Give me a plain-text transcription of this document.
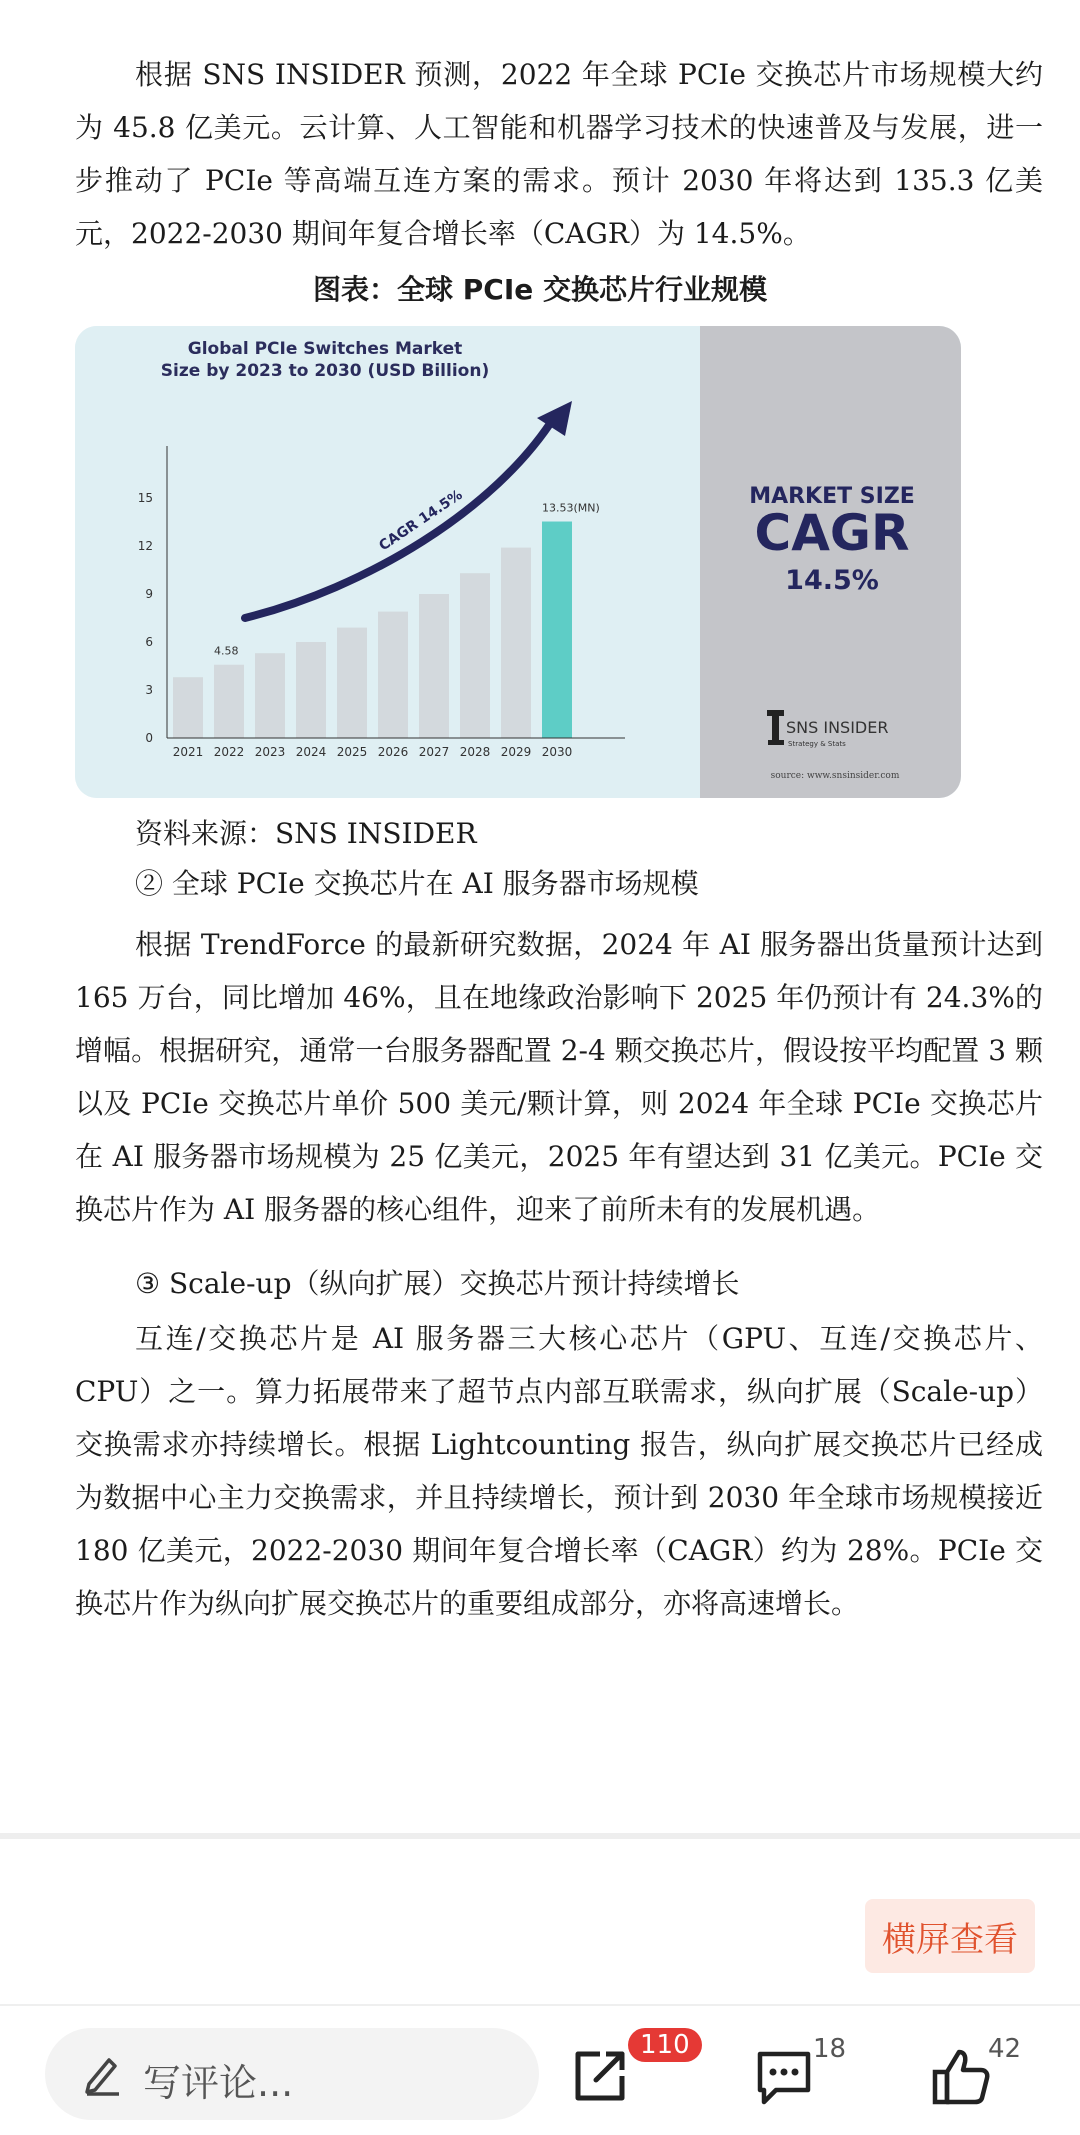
根据 SNS INSIDER 预测，2022 年全球 PCIe 交换芯片市场规模大约为 45.8 亿美元。云计算、人工智能和机器学习技术的快速普及与发展，进一步推动了 PCIe 等高端互连方案的需求。预计 2030 年将达到 135.3 亿美元，2022-2030 期间年复合增长率（CAGR）为 14.5%。

图表：全球 PCIe 交换芯片行业规模
Global PCIe Switches Market
Size by 2023 to 2030 (USD Billion)
0
3
6
9
12
15
2021 2022 2023 2024 2025 2026 2027 2028 2029 2030
4.58
13.53(MN)
CAGR 14.5%	MARKET SIZE
CAGR
14.5%
SNS INSIDER
Strategy & Stats
source: www.snsinsider.com
资料来源：SNS INSIDER
② 全球 PCIe 交换芯片在 AI 服务器市场规模

根据 TrendForce 的最新研究数据，2024 年 AI 服务器出货量预计达到 165 万台，同比增加 46%，且在地缘政治影响下 2025 年仍预计有 24.3%的增幅。根据研究，通常一台服务器配置 2-4 颗交换芯片，假设按平均配置 3 颗以及 PCIe 交换芯片单价 500 美元/颗计算，则 2024 年全球 PCIe 交换芯片在 AI 服务器市场规模为 25 亿美元，2025 年有望达到 31 亿美元。PCIe 交换芯片作为 AI 服务器的核心组件，迎来了前所未有的发展机遇。

③ Scale-up（纵向扩展）交换芯片预计持续增长

互连/交换芯片是 AI 服务器三大核心芯片（GPU、互连/交换芯片、CPU）之一。算力拓展带来了超节点内部互联需求，纵向扩展（Scale-up）交换需求亦持续增长。根据 Lightcounting 报告，纵向扩展交换芯片已经成为数据中心主力交换需求，并且持续增长，预计到 2030 年全球市场规模接近 180 亿美元，2022-2030 期间年复合增长率（CAGR）约为 28%。PCIe 交换芯片作为纵向扩展交换芯片的重要组成部分，亦将高速增长。

横屏查看
写评论...
110	18	42
